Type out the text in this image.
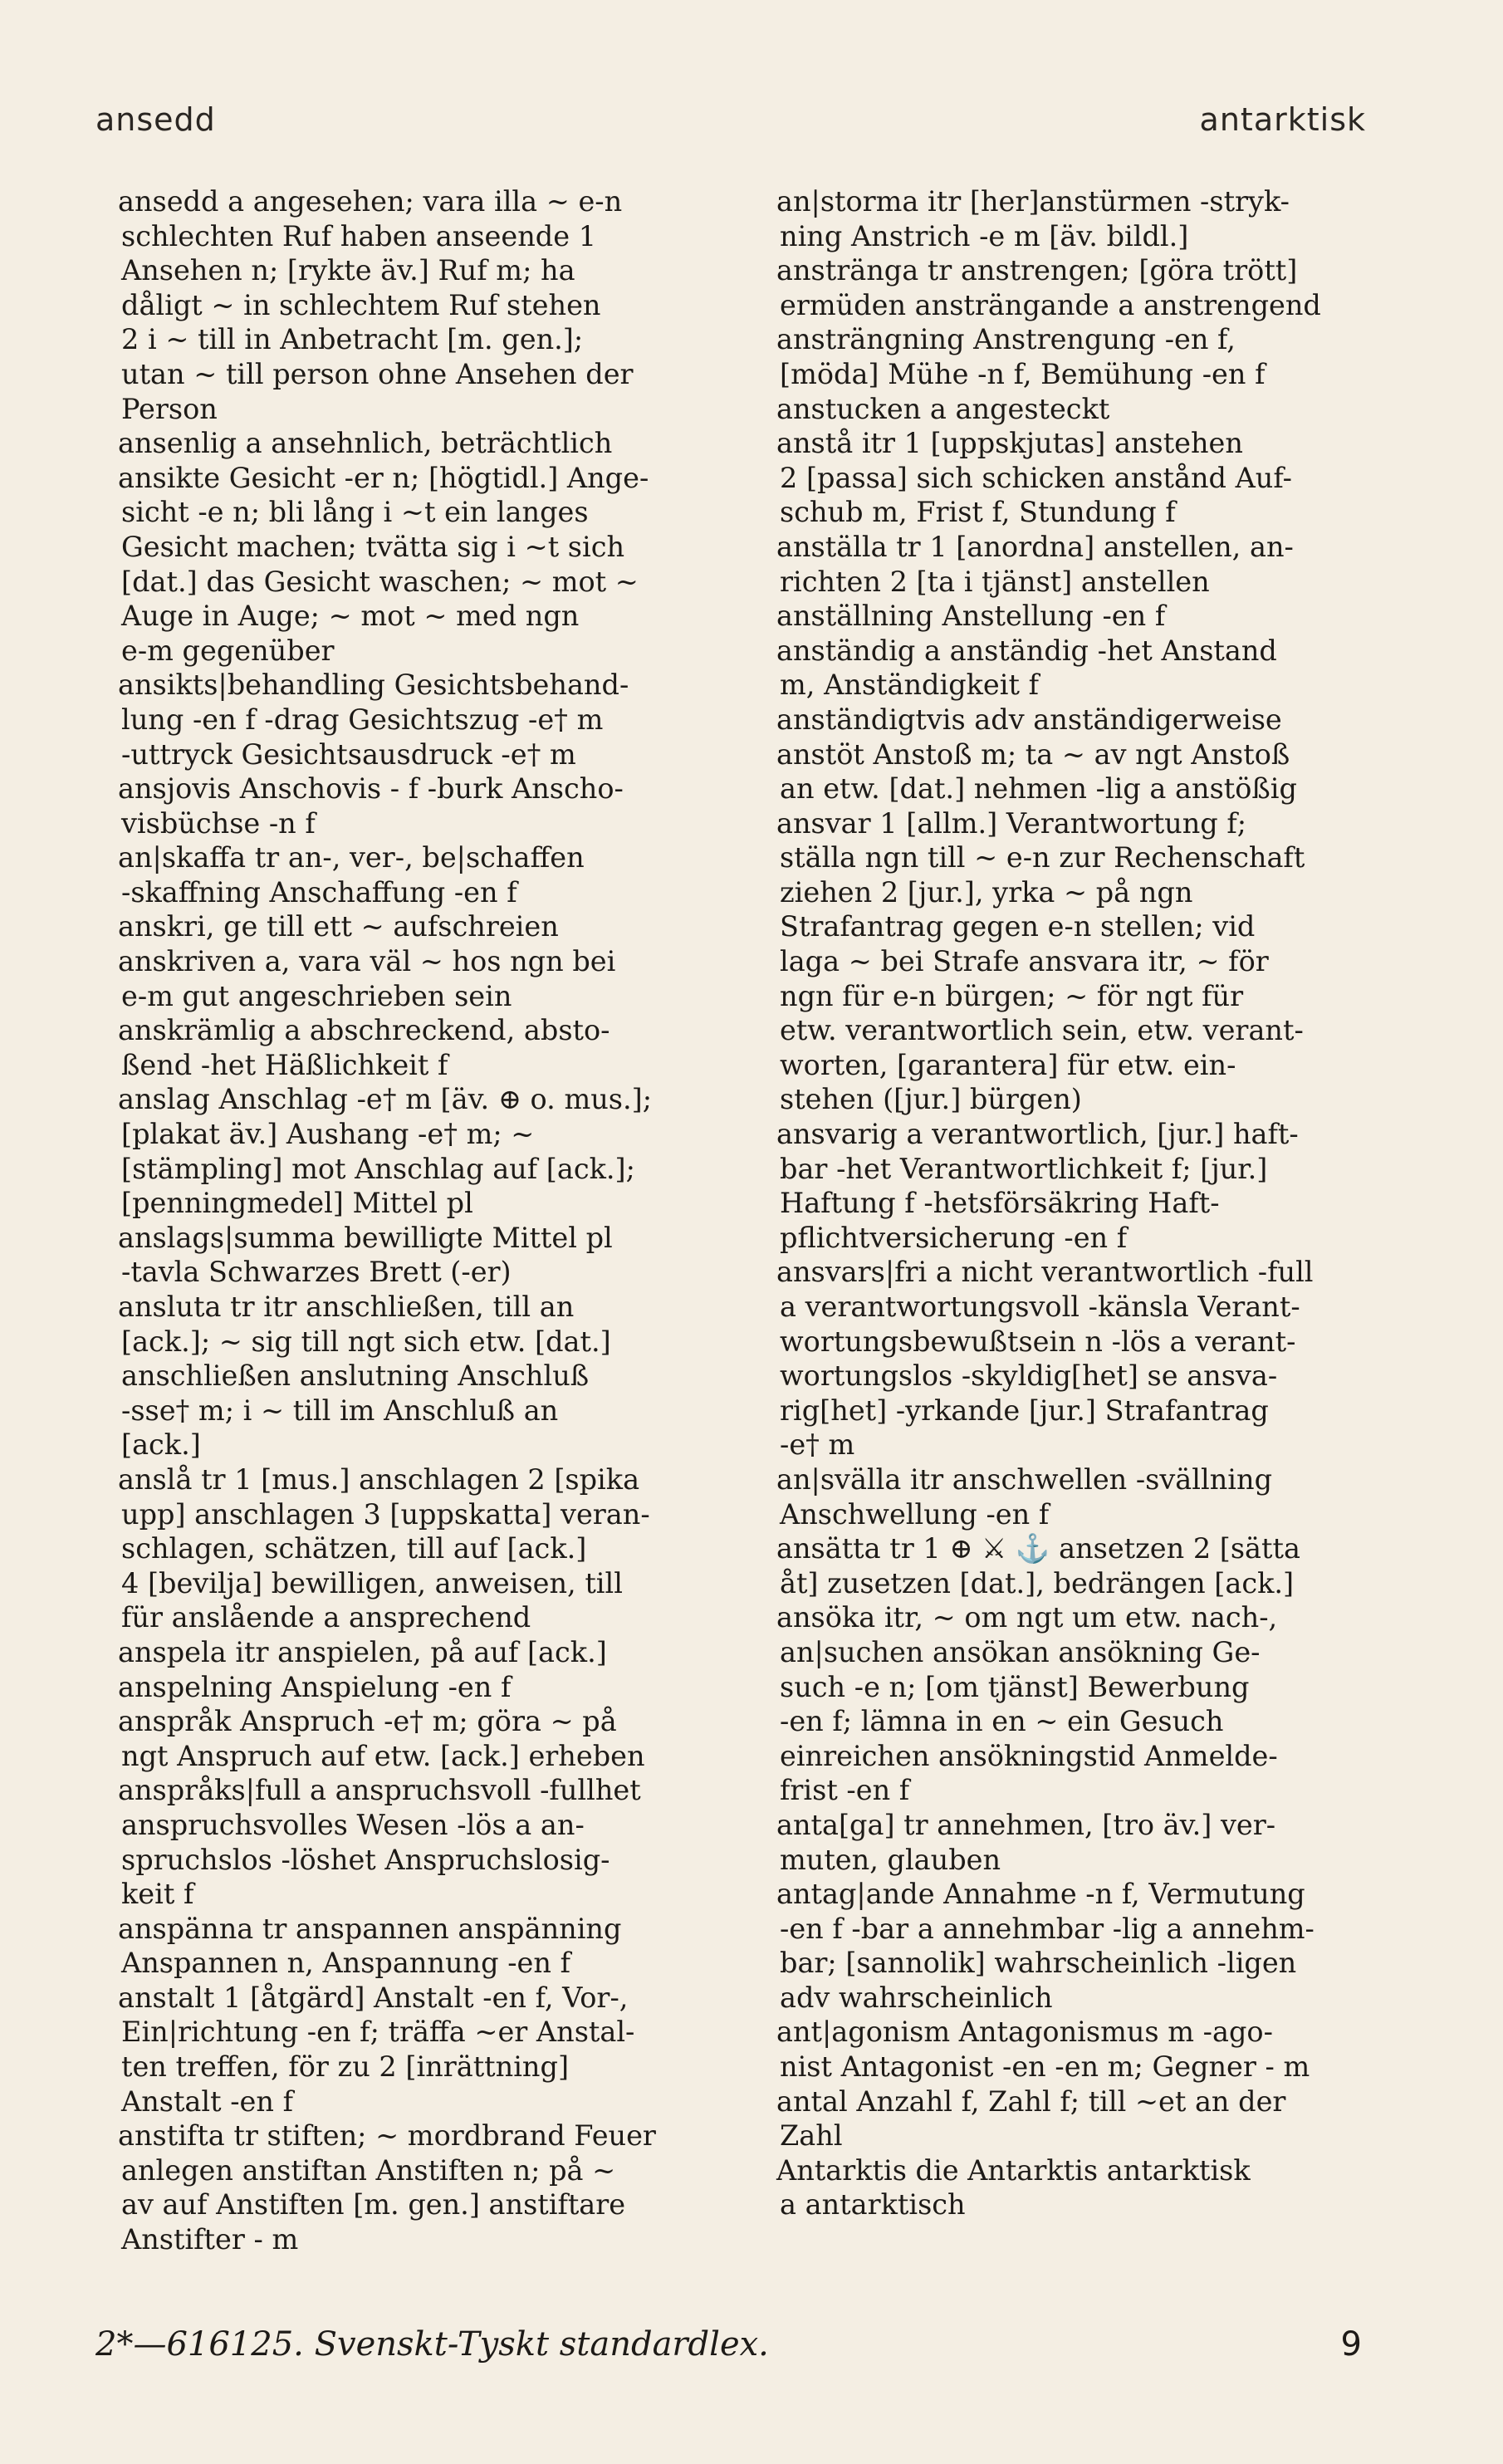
ansedd	antarktisk
ansedd a angesehen; vara illa ~ e-n
schlechten Ruf haben anseende 1
Ansehen n; [rykte äv.] Ruf m; ha
dåligt ~ in schlechtem Ruf stehen
2 i ~ till in Anbetracht [m. gen.];
utan ~ till person ohne Ansehen der
Person
ansenlig a ansehnlich, beträchtlich
ansikte Gesicht -er n; [högtidl.] Ange-
sicht -e n; bli lång i ~t ein langes
Gesicht machen; tvätta sig i ~t sich
[dat.] das Gesicht waschen; ~ mot ~
Auge in Auge; ~ mot ~ med ngn
e-m gegenüber
ansikts|behandling Gesichtsbehand-
lung -en f -drag Gesichtszug -e† m
-uttryck Gesichtsausdruck -e† m
ansjovis Anschovis - f -burk Anscho-
visbüchse -n f
an|skaffa tr an-, ver-, be|schaffen
-skaffning Anschaffung -en f
anskri, ge till ett ~ aufschreien
anskriven a, vara väl ~ hos ngn bei
e-m gut angeschrieben sein
anskrämlig a abschreckend, absto-
ßend -het Häßlichkeit f
anslag Anschlag -e† m [äv. ⊕ o. mus.];
[plakat äv.] Aushang -e† m; ~
[stämpling] mot Anschlag auf [ack.];
[penningmedel] Mittel pl
anslags|summa bewilligte Mittel pl
-tavla Schwarzes Brett (-er)
ansluta tr itr anschließen, till an
[ack.]; ~ sig till ngt sich etw. [dat.]
anschließen anslutning Anschluß
-sse† m; i ~ till im Anschluß an
[ack.]
anslå tr 1 [mus.] anschlagen 2 [spika
upp] anschlagen 3 [uppskatta] veran-
schlagen, schätzen, till auf [ack.]
4 [bevilja] bewilligen, anweisen, till
für anslående a ansprechend
anspela itr anspielen, på auf [ack.]
anspelning Anspielung -en f
anspråk Anspruch -e† m; göra ~ på
ngt Anspruch auf etw. [ack.] erheben
anspråks|full a anspruchsvoll -fullhet
anspruchsvolles Wesen -lös a an-
spruchslos -löshet Anspruchslosig-
keit f
anspänna tr anspannen anspänning
Anspannen n, Anspannung -en f
anstalt 1 [åtgärd] Anstalt -en f, Vor-,
Ein|richtung -en f; träffa ~er Anstal-
ten treffen, för zu 2 [inrättning]
Anstalt -en f
anstifta tr stiften; ~ mordbrand Feuer
anlegen anstiftan Anstiften n; på ~
av auf Anstiften [m. gen.] anstiftare
Anstifter - m
an|storma itr [her]anstürmen -stryk-
ning Anstrich -e m [äv. bildl.]
anstränga tr anstrengen; [göra trött]
ermüden ansträngande a anstrengend
ansträngning Anstrengung -en f,
[möda] Mühe -n f, Bemühung -en f
anstucken a angesteckt
anstå itr 1 [uppskjutas] anstehen
2 [passa] sich schicken anstånd Auf-
schub m, Frist f, Stundung f
anställa tr 1 [anordna] anstellen, an-
richten 2 [ta i tjänst] anstellen
anställning Anstellung -en f
anständig a anständig -het Anstand
m, Anständigkeit f
anständigtvis adv anständigerweise
anstöt Anstoß m; ta ~ av ngt Anstoß
an etw. [dat.] nehmen -lig a anstößig
ansvar 1 [allm.] Verantwortung f;
ställa ngn till ~ e-n zur Rechenschaft
ziehen 2 [jur.], yrka ~ på ngn
Strafantrag gegen e-n stellen; vid
laga ~ bei Strafe ansvara itr, ~ för
ngn für e-n bürgen; ~ för ngt für
etw. verantwortlich sein, etw. verant-
worten, [garantera] für etw. ein-
stehen ([jur.] bürgen)
ansvarig a verantwortlich, [jur.] haft-
bar -het Verantwortlichkeit f; [jur.]
Haftung f -hetsförsäkring Haft-
pflichtversicherung -en f
ansvars|fri a nicht verantwortlich -full
a verantwortungsvoll -känsla Verant-
wortungsbewußtsein n -lös a verant-
wortungslos -skyldig[het] se ansva-
rig[het] -yrkande [jur.] Strafantrag
-e† m
an|svälla itr anschwellen -svällning
Anschwellung -en f
ansätta tr 1 ⊕ ⚔ ⚓ ansetzen 2 [sätta
åt] zusetzen [dat.], bedrängen [ack.]
ansöka itr, ~ om ngt um etw. nach-,
an|suchen ansökan ansökning Ge-
such -e n; [om tjänst] Bewerbung
-en f; lämna in en ~ ein Gesuch
einreichen ansökningstid Anmelde-
frist -en f
anta[ga] tr annehmen, [tro äv.] ver-
muten, glauben
antag|ande Annahme -n f, Vermutung
-en f -bar a annehmbar -lig a annehm-
bar; [sannolik] wahrscheinlich -ligen
adv wahrscheinlich
ant|agonism Antagonismus m -ago-
nist Antagonist -en -en m; Gegner - m
antal Anzahl f, Zahl f; till ~et an der
Zahl
Antarktis die Antarktis antarktisk
a antarktisch
2*—616125. Svenskt-Tyskt standardlex.	9
